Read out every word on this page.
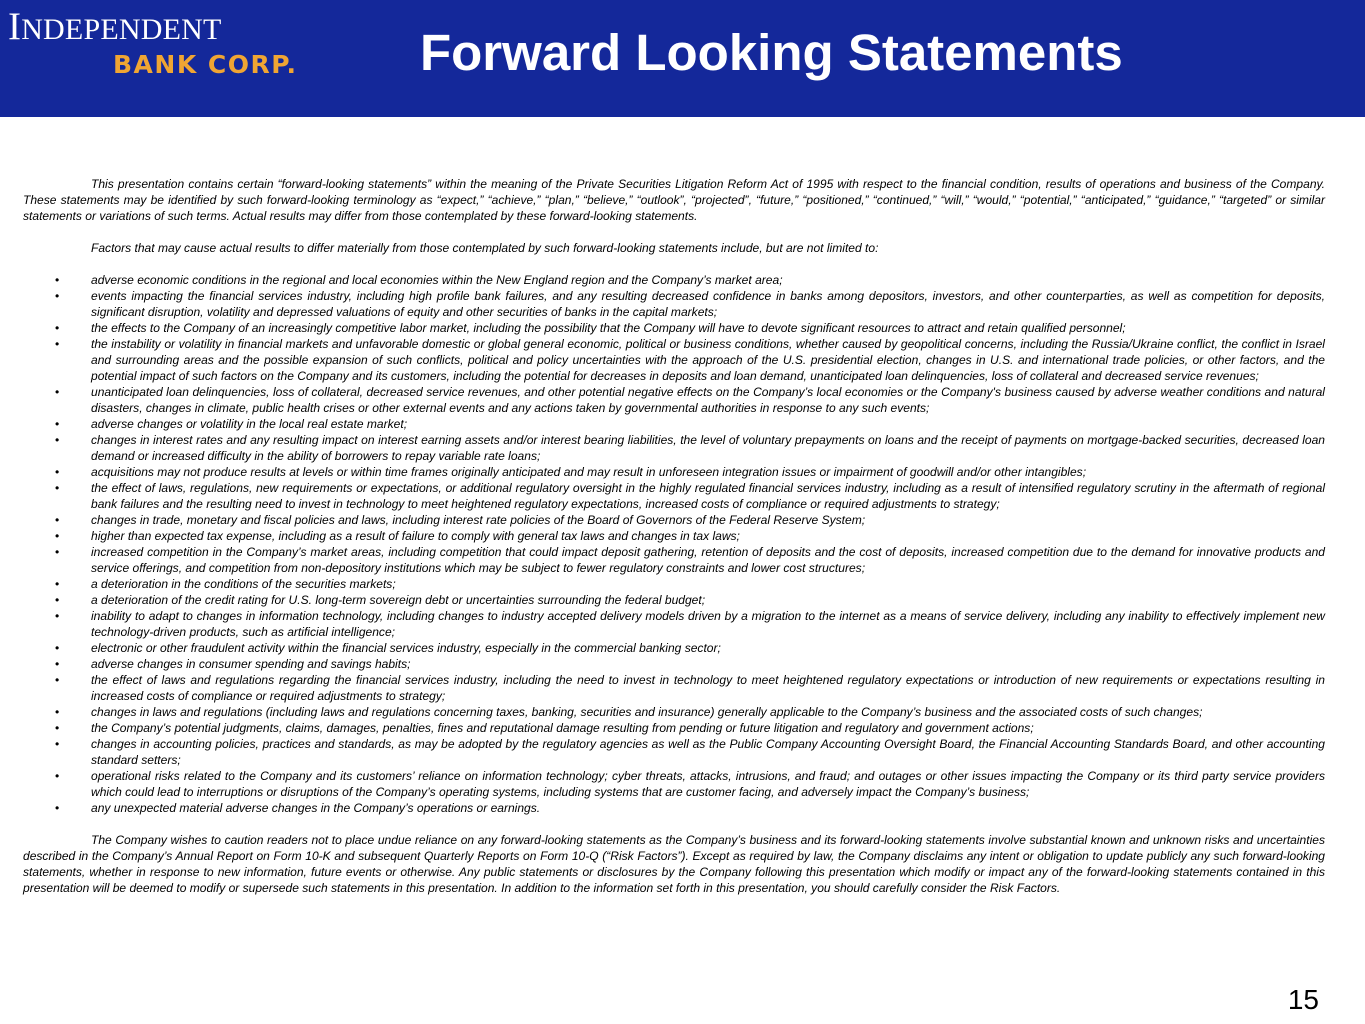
INDEPENDENT
BANK CORP. Forward Looking Statements

This presentation contains certain “forward-looking statements” within the meaning of the Private Securities Litigation Reform Act of 1995 with respect to the financial condition, results of operations and business of the Company. These statements may be identified by such forward-looking terminology as “expect,” “achieve,” “plan,” “believe,” “outlook”, “projected”, “future,” “positioned,” “continued,” “will,” “would,” “potential,” “anticipated,” “guidance,” “targeted” or similar statements or variations of such terms. Actual results may differ from those contemplated by these forward-looking statements.

Factors that may cause actual results to differ materially from those contemplated by such forward-looking statements include, but are not limited to:

•	adverse economic conditions in the regional and local economies within the New England region and the Company’s market area;
•	events impacting the financial services industry, including high profile bank failures, and any resulting decreased confidence in banks among depositors, investors, and other counterparties, as well as competition for deposits, significant disruption, volatility and depressed valuations of equity and other securities of banks in the capital markets;
•	the effects to the Company of an increasingly competitive labor market, including the possibility that the Company will have to devote significant resources to attract and retain qualified personnel;
•	the instability or volatility in financial markets and unfavorable domestic or global general economic, political or business conditions, whether caused by geopolitical concerns, including the Russia/Ukraine conflict, the conflict in Israel and surrounding areas and the possible expansion of such conflicts, political and policy uncertainties with the approach of the U.S. presidential election, changes in U.S. and international trade policies, or other factors, and the potential impact of such factors on the Company and its customers, including the potential for decreases in deposits and loan demand, unanticipated loan delinquencies, loss of collateral and decreased service revenues;
•	unanticipated loan delinquencies, loss of collateral, decreased service revenues, and other potential negative effects on the Company’s local economies or the Company's business caused by adverse weather conditions and natural disasters, changes in climate, public health crises or other external events and any actions taken by governmental authorities in response to any such events;
•	adverse changes or volatility in the local real estate market;
•	changes in interest rates and any resulting impact on interest earning assets and/or interest bearing liabilities, the level of voluntary prepayments on loans and the receipt of payments on mortgage-backed securities, decreased loan demand or increased difficulty in the ability of borrowers to repay variable rate loans;
•	acquisitions may not produce results at levels or within time frames originally anticipated and may result in unforeseen integration issues or impairment of goodwill and/or other intangibles;
•	the effect of laws, regulations, new requirements or expectations, or additional regulatory oversight in the highly regulated financial services industry, including as a result of intensified regulatory scrutiny in the aftermath of regional bank failures and the resulting need to invest in technology to meet heightened regulatory expectations, increased costs of compliance or required adjustments to strategy;
•	changes in trade, monetary and fiscal policies and laws, including interest rate policies of the Board of Governors of the Federal Reserve System;
•	higher than expected tax expense, including as a result of failure to comply with general tax laws and changes in tax laws;
•	increased competition in the Company’s market areas, including competition that could impact deposit gathering, retention of deposits and the cost of deposits, increased competition due to the demand for innovative products and service offerings, and competition from non-depository institutions which may be subject to fewer regulatory constraints and lower cost structures;
•	a deterioration in the conditions of the securities markets;
•	a deterioration of the credit rating for U.S. long-term sovereign debt or uncertainties surrounding the federal budget;
•	inability to adapt to changes in information technology, including changes to industry accepted delivery models driven by a migration to the internet as a means of service delivery, including any inability to effectively implement new technology-driven products, such as artificial intelligence;
•	electronic or other fraudulent activity within the financial services industry, especially in the commercial banking sector;
•	adverse changes in consumer spending and savings habits;
•	the effect of laws and regulations regarding the financial services industry, including the need to invest in technology to meet heightened regulatory expectations or introduction of new requirements or expectations resulting in increased costs of compliance or required adjustments to strategy;
•	changes in laws and regulations (including laws and regulations concerning taxes, banking, securities and insurance) generally applicable to the Company’s business and the associated costs of such changes;
•	the Company’s potential judgments, claims, damages, penalties, fines and reputational damage resulting from pending or future litigation and regulatory and government actions;
•	changes in accounting policies, practices and standards, as may be adopted by the regulatory agencies as well as the Public Company Accounting Oversight Board, the Financial Accounting Standards Board, and other accounting standard setters;
•	operational risks related to the Company and its customers’ reliance on information technology; cyber threats, attacks, intrusions, and fraud; and outages or other issues impacting the Company or its third party service providers which could lead to interruptions or disruptions of the Company’s operating systems, including systems that are customer facing, and adversely impact the Company’s business;
•	any unexpected material adverse changes in the Company’s operations or earnings.

The Company wishes to caution readers not to place undue reliance on any forward-looking statements as the Company’s business and its forward-looking statements involve substantial known and unknown risks and uncertainties described in the Company’s Annual Report on Form 10-K and subsequent Quarterly Reports on Form 10-Q (“Risk Factors”). Except as required by law, the Company disclaims any intent or obligation to update publicly any such forward-looking statements, whether in response to new information, future events or otherwise. Any public statements or disclosures by the Company following this presentation which modify or impact any of the forward-looking statements contained in this presentation will be deemed to modify or supersede such statements in this presentation. In addition to the information set forth in this presentation, you should carefully consider the Risk Factors.

15
